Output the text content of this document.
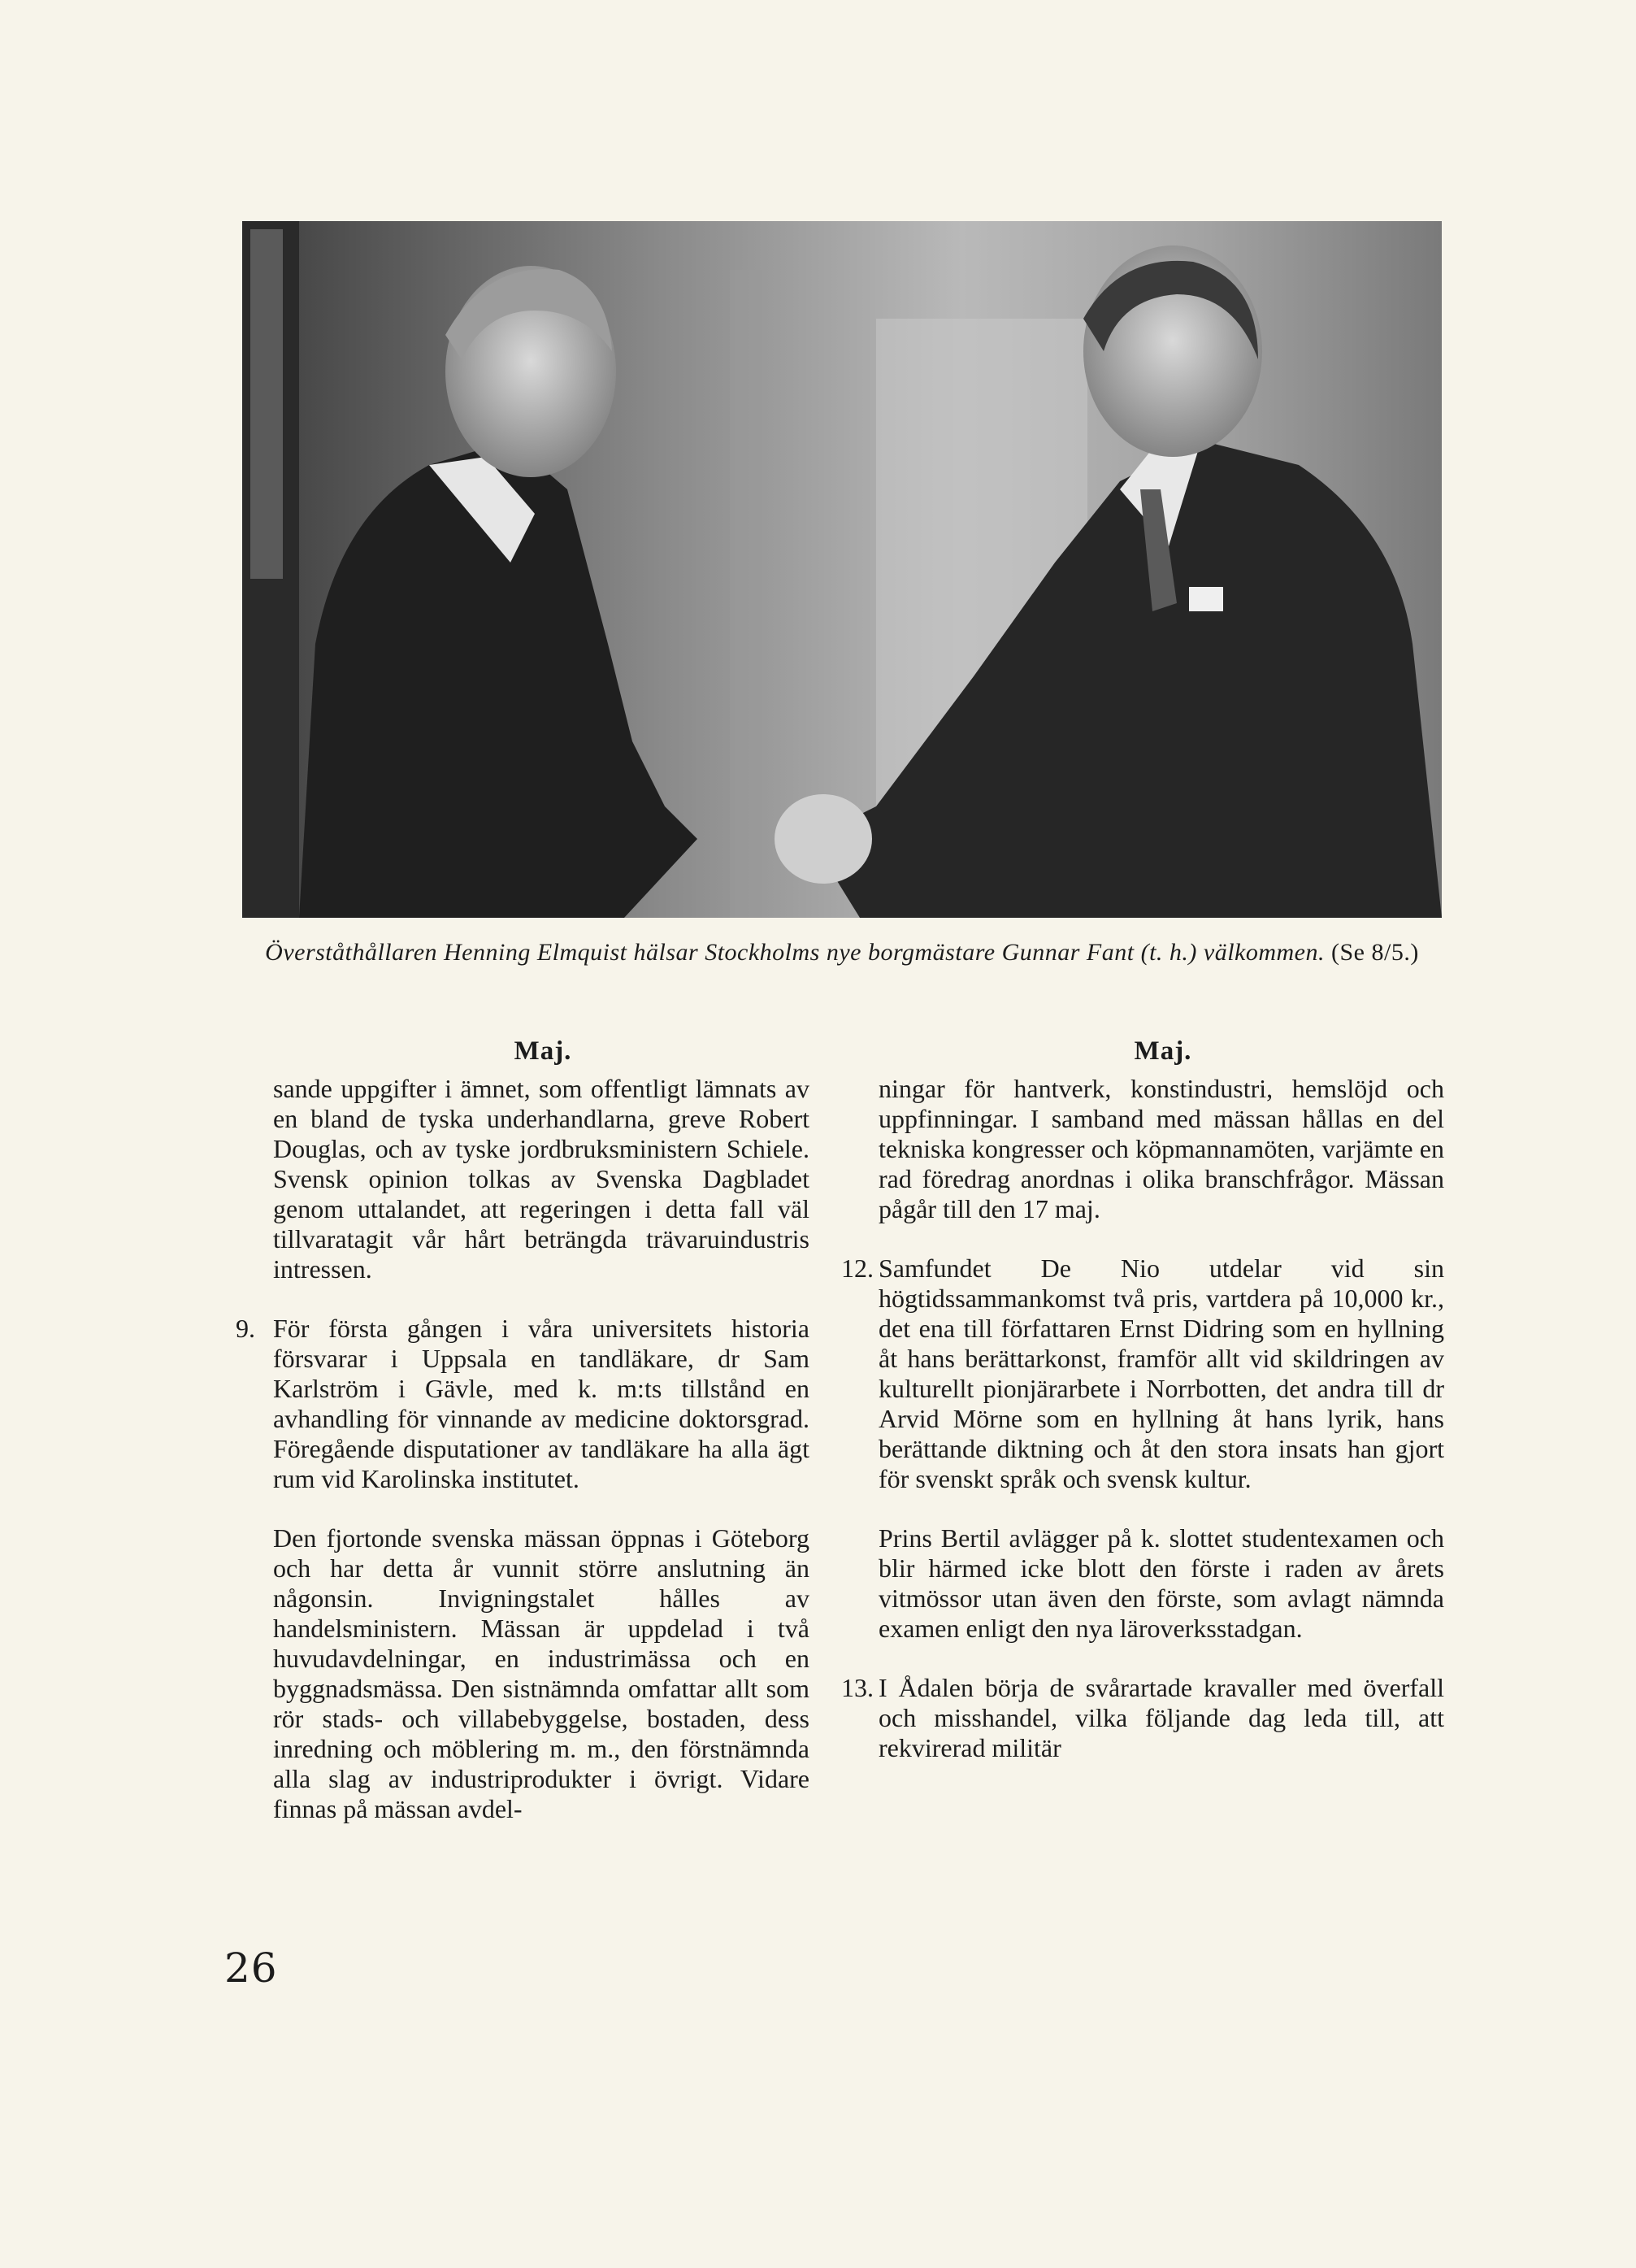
Överståthållaren Henning Elmquist hälsar Stockholms nye borgmästare Gunnar Fant (t. h.) välkommen. (Se 8/5.)
Maj.
sande uppgifter i ämnet, som offentligt lämnats av en bland de tyska underhandlarna, greve Robert Douglas, och av tyske jordbruksministern Schiele. Svensk opinion tolkas av Svenska Dagbladet genom uttalandet, att regeringen i detta fall väl tillvaratagit vår hårt beträngda trävaruindustris intressen.
9. För första gången i våra universitets historia försvarar i Uppsala en tandläkare, dr Sam Karlström i Gävle, med k. m:ts tillstånd en avhandling för vinnande av medicine doktorsgrad. Föregående disputationer av tandläkare ha alla ägt rum vid Karolinska institutet.
Den fjortonde svenska mässan öppnas i Göteborg och har detta år vunnit större anslutning än någonsin. Invigningstalet hålles av handelsministern. Mässan är uppdelad i två huvudavdelningar, en industrimässa och en byggnadsmässa. Den sistnämnda omfattar allt som rör stads- och villabebyggelse, bostaden, dess inredning och möblering m. m., den förstnämnda alla slag av industriprodukter i övrigt. Vidare finnas på mässan avdel-
Maj.
ningar för hantverk, konstindustri, hemslöjd och uppfinningar. I samband med mässan hållas en del tekniska kongresser och köpmannamöten, varjämte en rad föredrag anordnas i olika branschfrågor. Mässan pågår till den 17 maj.
12. Samfundet De Nio utdelar vid sin högtidssammankomst två pris, vartdera på 10,000 kr., det ena till författaren Ernst Didring som en hyllning åt hans berättarkonst, framför allt vid skildringen av kulturellt pionjärarbete i Norrbotten, det andra till dr Arvid Mörne som en hyllning åt hans lyrik, hans berättande diktning och åt den stora insats han gjort för svenskt språk och svensk kultur.
Prins Bertil avlägger på k. slottet studentexamen och blir härmed icke blott den förste i raden av årets vitmössor utan även den förste, som avlagt nämnda examen enligt den nya läroverksstadgan.
13. I Ådalen börja de svårartade kravaller med överfall och misshandel, vilka följande dag leda till, att rekvirerad militär
26
